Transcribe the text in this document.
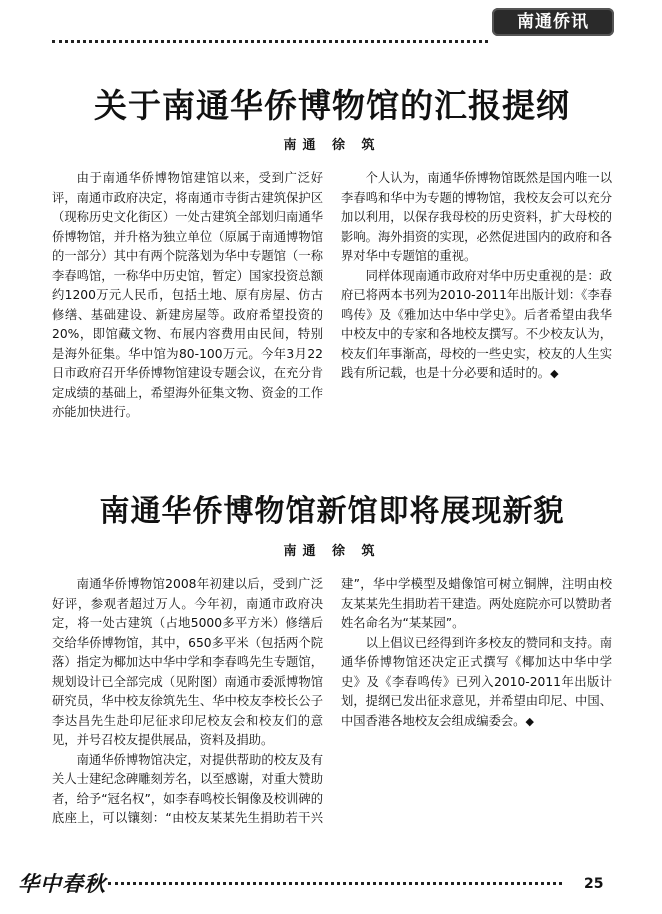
南通侨讯
关于南通华侨博物馆的汇报提纲
南通 徐 筑

由于南通华侨博物馆建馆以来，受到广泛好评，南通市政府决定，将南通市寺街古建筑保护区（现称历史文化街区）一处古建筑全部划归南通华侨博物馆，并升格为独立单位（原属于南通博物馆的一部分）其中有两个院落划为华中专题馆（一称李春鸣馆，一称华中历史馆，暂定）国家投资总额约1200万元人民币，包括土地、原有房屋、仿古修缮、基础建设、新建房屋等。政府希望投资的20%，即馆藏文物、布展内容费用由民间，特别是海外征集。华中馆为80-100万元。今年3月22日市政府召开华侨博物馆建设专题会议，在充分肯定成绩的基础上，希望海外征集文物、资金的工作亦能加快进行。

个人认为，南通华侨博物馆既然是国内唯一以李春鸣和华中为专题的博物馆，我校友会可以充分加以利用，以保存我母校的历史资料，扩大母校的影响。海外捐资的实现，必然促进国内的政府和各界对华中专题馆的重视。

同样体现南通市政府对华中历史重视的是：政府已将两本书列为2010-2011年出版计划：《李春鸣传》及《雅加达中华中学史》。后者希望由我华中校友中的专家和各地校友撰写。不少校友认为，校友们年事渐高，母校的一些史实，校友的人生实践有所记载，也是十分必要和适时的。◆

南通华侨博物馆新馆即将展现新貌
南通 徐 筑

南通华侨博物馆2008年初建以后，受到广泛好评，参观者超过万人。今年初，南通市政府决定，将一处古建筑（占地5000多平方米）修缮后交给华侨博物馆，其中，650多平米（包括两个院落）指定为椰加达中华中学和李春鸣先生专题馆，规划设计已全部完成（见附图）南通市委派博物馆研究员，华中校友徐筑先生、华中校友李校长公子李达昌先生赴印尼征求印尼校友会和校友们的意见，并号召校友提供展品，资料及捐助。

南通华侨博物馆决定，对提供帮助的校友及有关人士建纪念碑雕刻芳名，以至感谢，对重大赞助者，给予“冠名权”，如李春鸣校长铜像及校训碑的底座上，可以镶刻：“由校友某某先生捐助若干兴建”，华中学模型及蜡像馆可树立铜牌，注明由校友某某先生捐助若干建造。两处庭院亦可以赞助者姓名命名为“某某园”。

以上倡议已经得到许多校友的赞同和支持。南通华侨博物馆还决定正式撰写《椰加达中华中学史》及《李春鸣传》已列入2010-2011年出版计划，提纲已发出征求意见，并希望由印尼、中国、中国香港各地校友会组成编委会。◆

华中春秋	25
